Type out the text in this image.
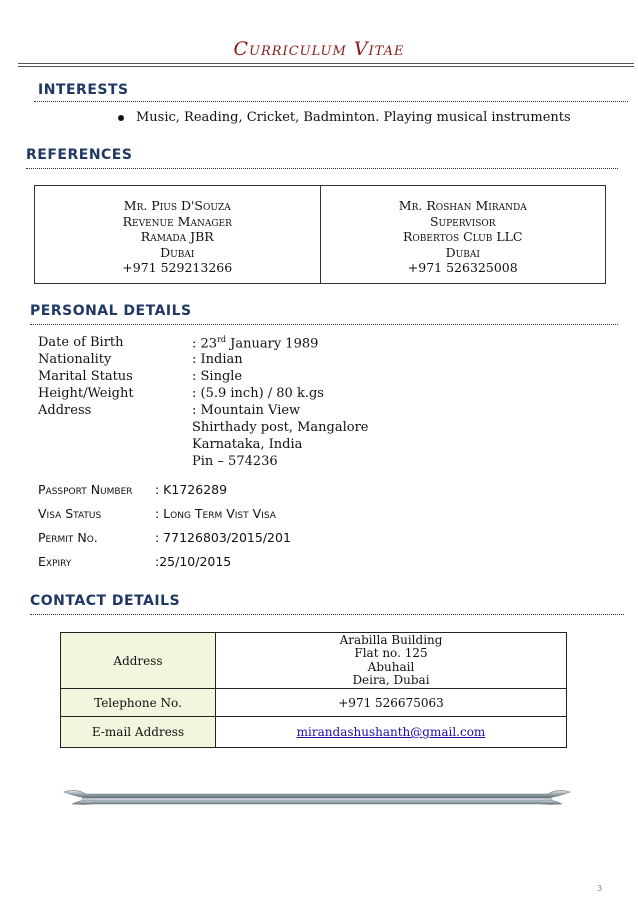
Curriculum Vitae
INTERESTS
Music, Reading, Cricket, Badminton. Playing musical instruments
REFERENCES
Mr. Pius D'Souza
Revenue Manager
Ramada JBR
Dubai
+971 529213266
Mr. Roshan Miranda
Supervisor
Robertos Club LLC
Dubai
+971 526325008
PERSONAL DETAILS
Date of Birth	: 23rd January 1989
Nationality	: Indian
Marital Status	: Single
Height/Weight	: (5.9 inch) / 80 k.gs
Address	: Mountain View
Shirthady post, Mangalore
Karnataka, India
Pin – 574236
Passport Number : K1726289
Visa Status	: Long Term Vist Visa
Permit No.	: 77126803/2015/201
Expiry	:25/10/2015
CONTACT DETAILS
Address	Arabilla Building
Flat no. 125
Abuhail
Deira, Dubai

Telephone No.	+971 526675063
E-mail Address	mirandashushanth@gmail.com
3
